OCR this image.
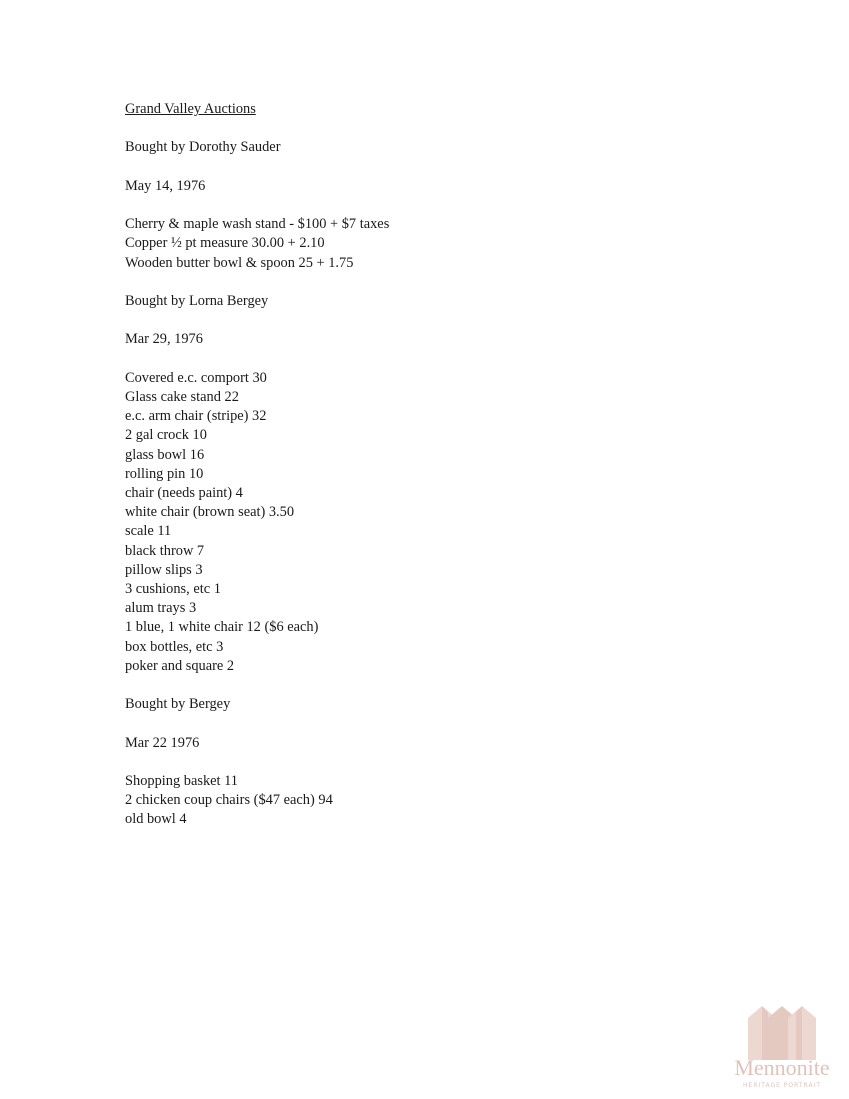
Grand Valley Auctions

Bought by Dorothy Sauder

May 14, 1976

Cherry & maple wash stand - $100 + $7 taxes
Copper ½ pt measure 30.00 + 2.10
Wooden butter bowl & spoon 25 + 1.75

Bought by Lorna Bergey

Mar 29, 1976

Covered e.c. comport 30
Glass cake stand 22
e.c. arm chair (stripe) 32
2 gal crock 10
glass bowl 16
rolling pin 10
chair (needs paint) 4
white chair (brown seat) 3.50
scale 11
black throw 7
pillow slips 3
3 cushions, etc 1
alum trays 3
1 blue, 1 white chair 12 ($6 each)
box bottles, etc 3
poker and square 2

Bought by Bergey

Mar 22 1976

Shopping basket 11
2 chicken coup chairs ($47 each) 94
old bowl 4
Mennonite
HERITAGE PORTRAIT
